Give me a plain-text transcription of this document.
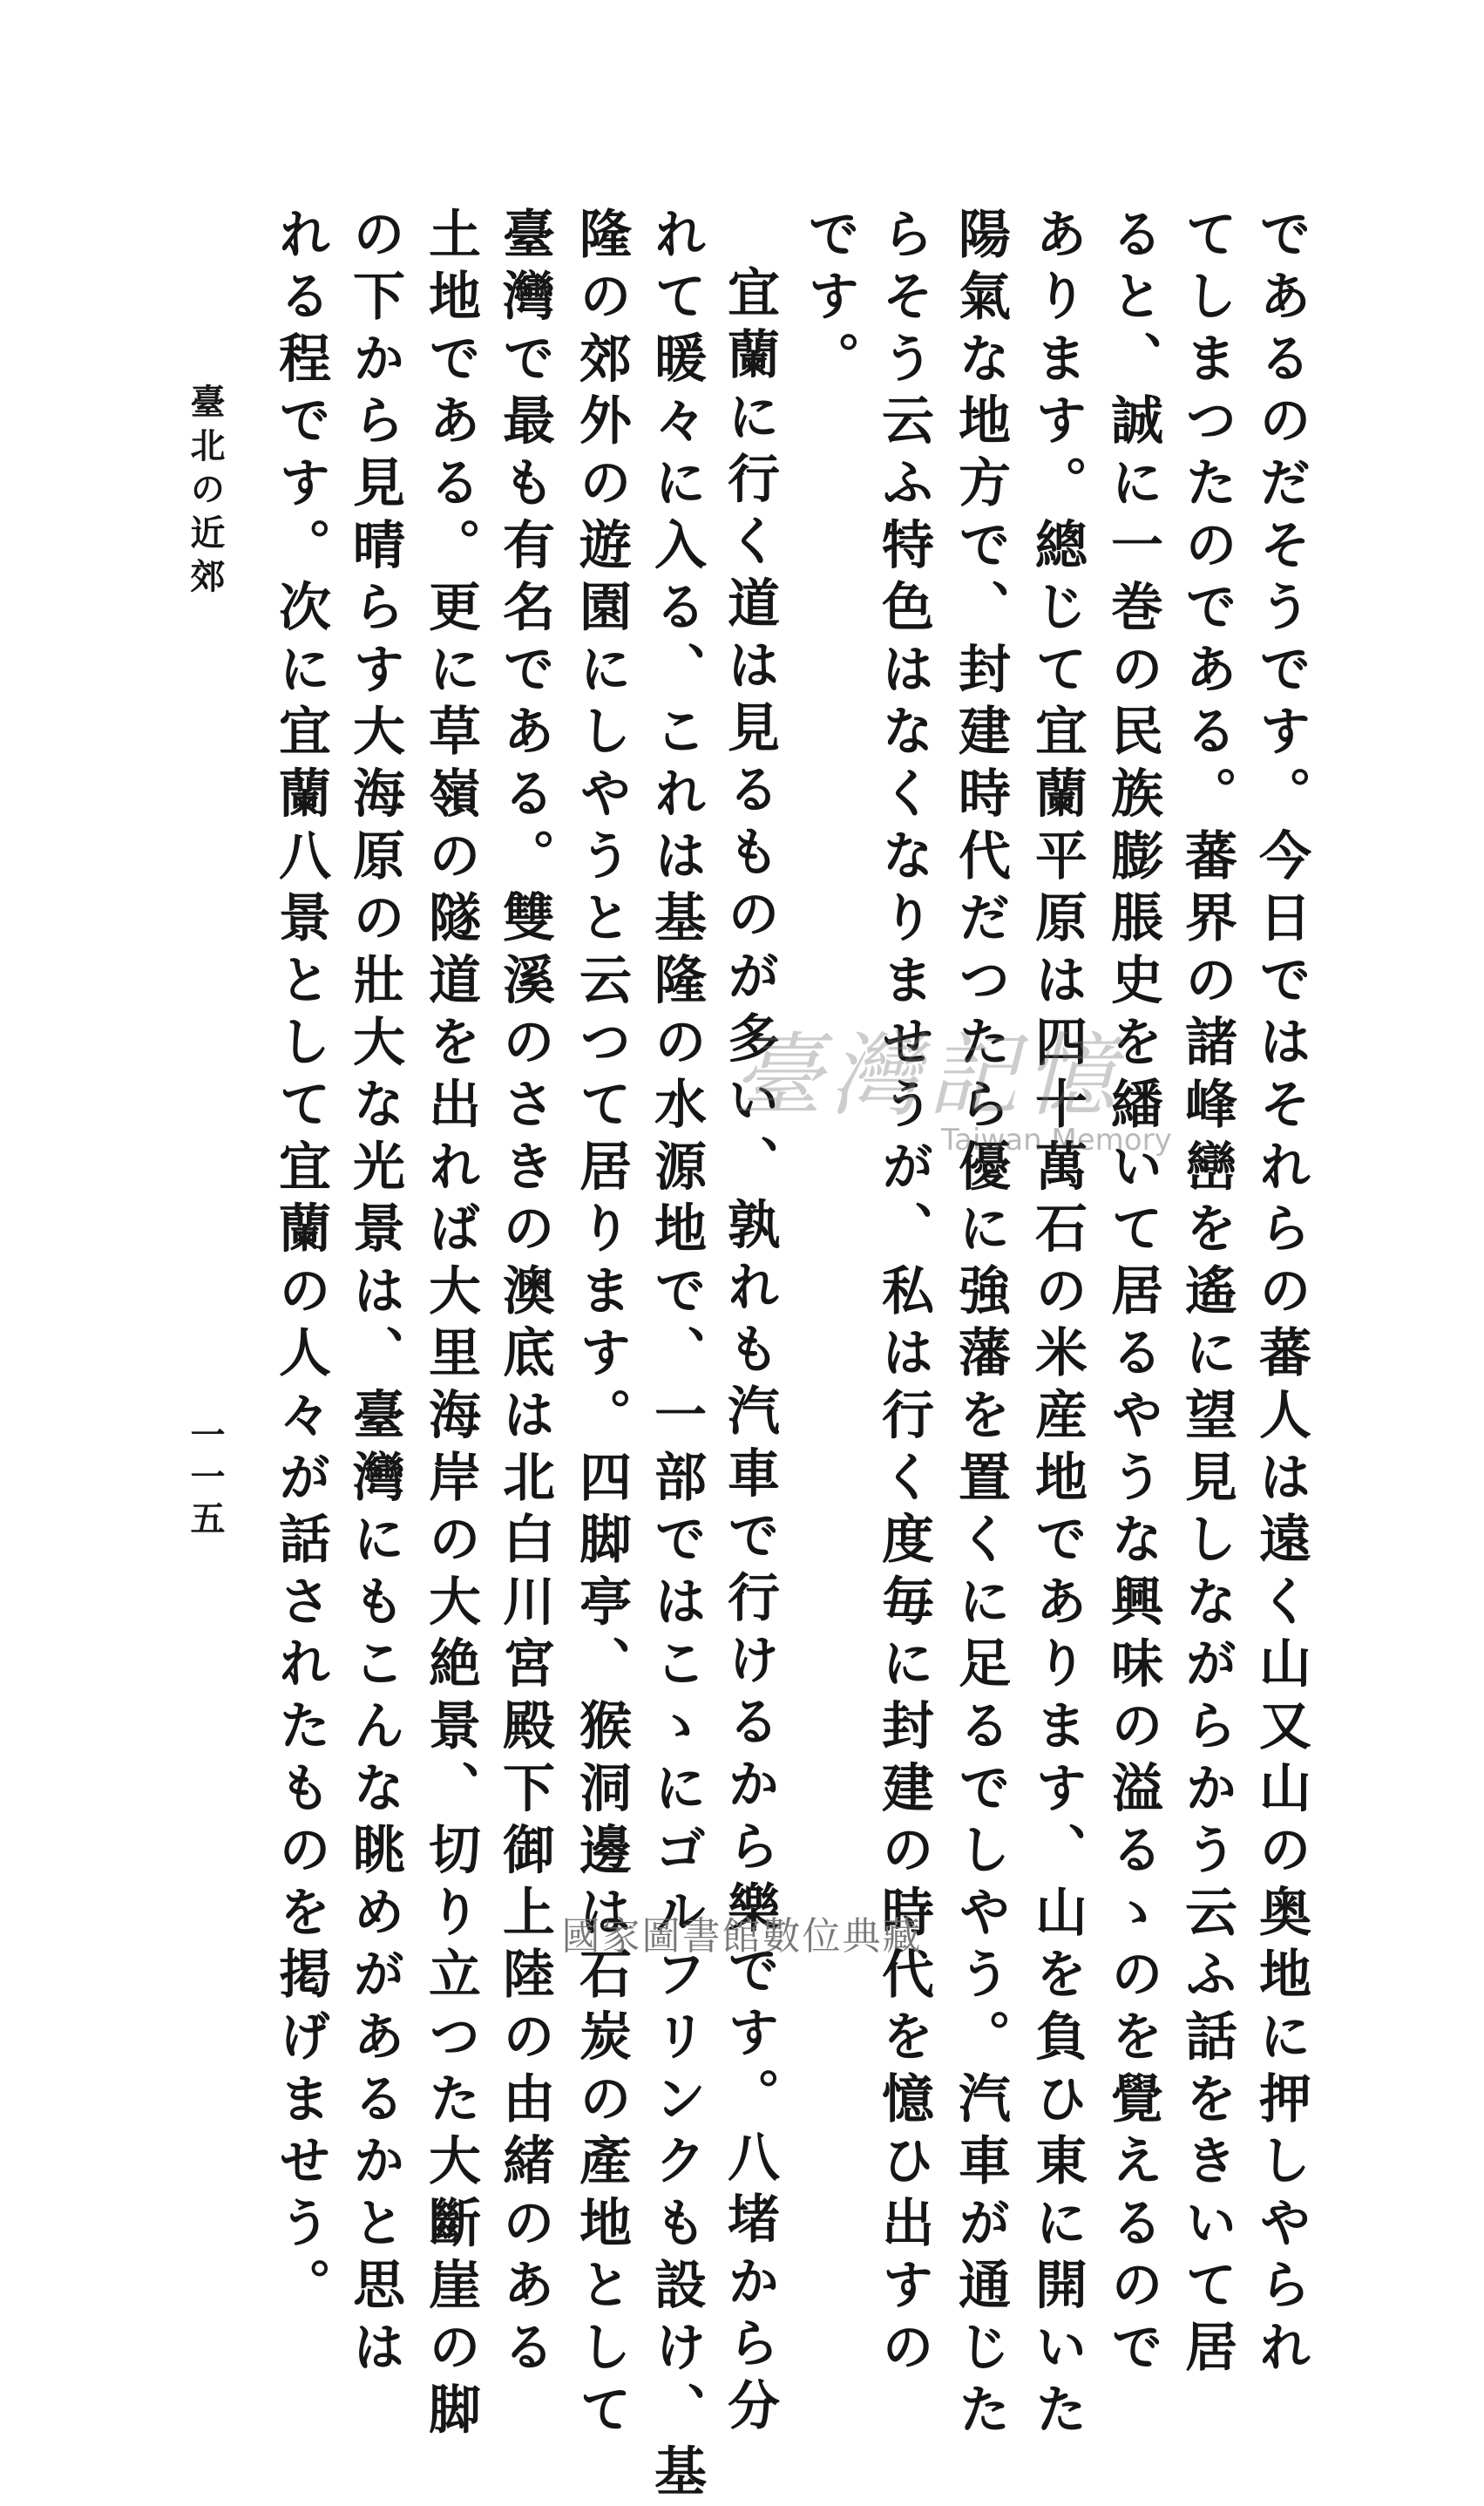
であるのだそうです。今日ではそれらの蕃人は遠く山又山の奥地に押しやられ
てしまつたのである。蕃界の諸峰巒を遙に望見しながらかう云ふ話をきいて居
ると、誠に一巻の民族膨脹史を繙いて居るやうな興味の溢るゝのを覺えるので
あります。總じて宜蘭平原は四十萬石の米産地であります、山を負ひ東に開いた
陽氣な地方で、封建時代だつたら優に強藩を置くに足るでしやう。汽車が通じた
らそう云ふ特色はなくなりませうが、私は行く度毎に封建の時代を憶ひ出すの
です。
宜蘭に行く道は見るものが多い、孰れも汽車で行けるから樂です。八堵から分
れて暖々に入る、これは基隆の水源地で、一部ではこゝにゴルフリンクも設け、基
隆の郊外の遊園にしやうと云つて居ります。四脚亭、猴洞邊は石炭の產地として
臺灣で最も有名である。雙溪のさきの澳底は北白川宮殿下御上陸の由緒のある
土地である。更に草嶺の隧道を出れば大里海岸の大絶景、切り立つた大斷崖の脚
の下から見晴らす大海原の壯大な光景は、臺灣にもこんな眺めがあるかと思は
れる程です。次に宜蘭八景として宜蘭の人々が話されたものを掲げませう。
臺北の近郊
一一五
臺灣記憶
Taiwan Memory
國家圖書館數位典藏
